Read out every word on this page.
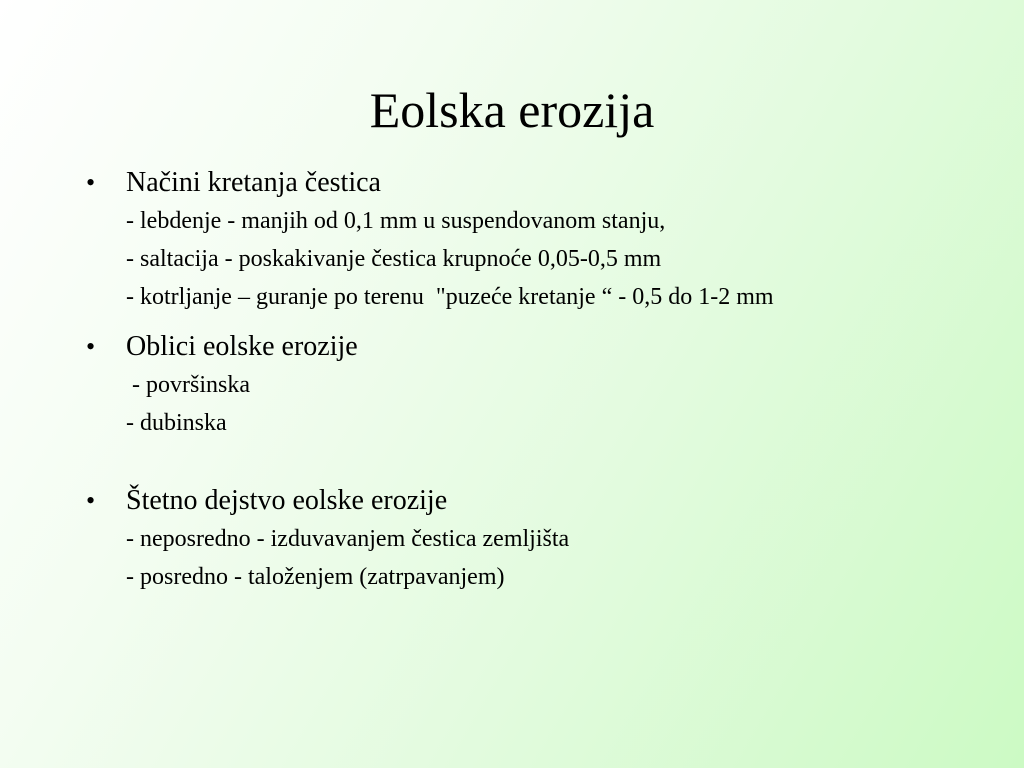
Eolska erozija
• Načini kretanja čestica
- lebdenje - manjih od 0,1 mm u suspendovanom stanju,
- saltacija - poskakivanje čestica krupnoće 0,05-0,5 mm
- kotrljanje – guranje po terenu  "puzeće kretanje “ - 0,5 do 1-2 mm
• Oblici eolske erozije
- površinska
- dubinska
• Štetno dejstvo eolske erozije
- neposredno - izduvavanjem čestica zemljišta
- posredno - taloženjem (zatrpavanjem)
